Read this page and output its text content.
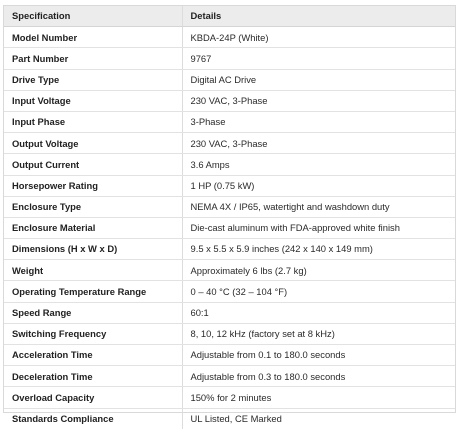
Specification	Details
Model Number	KBDA-24P (White)
Part Number	9767
Drive Type	Digital AC Drive
Input Voltage	230 VAC, 3-Phase
Input Phase	3-Phase
Output Voltage	230 VAC, 3-Phase
Output Current	3.6 Amps
Horsepower Rating	1 HP (0.75 kW)
Enclosure Type	NEMA 4X / IP65, watertight and washdown duty
Enclosure Material	Die-cast aluminum with FDA-approved white finish
Dimensions (H x W x D)	9.5 x 5.5 x 5.9 inches (242 x 140 x 149 mm)
Weight	Approximately 6 lbs (2.7 kg)
Operating Temperature Range	0 – 40 °C (32 – 104 °F)
Speed Range	60:1
Switching Frequency	8, 10, 12 kHz (factory set at 8 kHz)
Acceleration Time	Adjustable from 0.1 to 180.0 seconds
Deceleration Time	Adjustable from 0.3 to 180.0 seconds
Overload Capacity	150% for 2 minutes
Standards Compliance	UL Listed, CE Marked
